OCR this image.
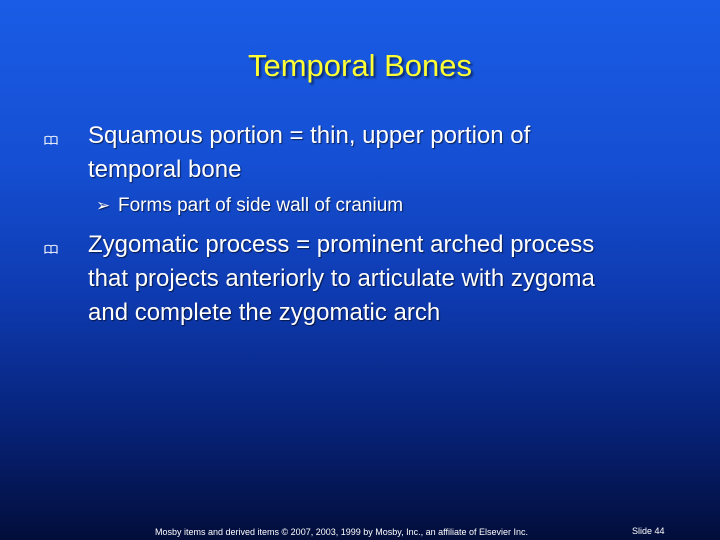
Temporal Bones
Squamous portion = thin, upper portion of temporal bone
➢ Forms part of side wall of cranium
Zygomatic process = prominent arched process that projects anteriorly to articulate with zygoma and complete the zygomatic arch
Mosby items and derived items © 2007, 2003, 1999 by Mosby, Inc., an affiliate of Elsevier Inc.	Slide 44
